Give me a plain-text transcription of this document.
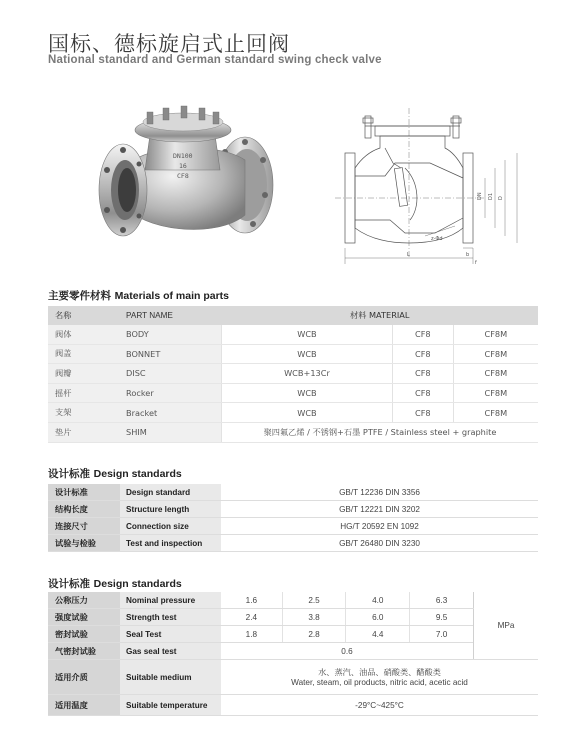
国标、德标旋启式止回阀
National standard and German standard swing check valve
DN100
16
CF8
DN D1 D
z-Φd
L	b
f
主要零件材料 Materials of main parts
名称	PART NAME	材料 MATERIAL		
阀体	BODY	WCB	CF8	CF8M
阀盖	BONNET	WCB	CF8	CF8M
阀瓣	DISC	WCB+13Cr	CF8	CF8M
摇杆	Rocker	WCB	CF8	CF8M
支架	Bracket	WCB	CF8	CF8M
垫片	SHIM	聚四氟乙烯 / 不锈钢+石墨 PTFE / Stainless steel + graphite		
设计标准 Design standards
设计标准	Design standard	GB/T 12236 DIN 3356
结构长度	Structure length	GB/T 12221 DIN 3202
连接尺寸	Connection size	HG/T 20592 EN 1092
试验与检验	Test and inspection	GB/T 26480 DIN 3230
设计标准 Design standards
公称压力	Nominal pressure	1.6	2.5	4.0	6.3	MPa
强度试验	Strength test	2.4	3.8	6.0	9.5	
密封试验	Seal Test	1.8	2.8	4.4	7.0	
气密封试验	Gas seal test	0.6				
适用介质	Suitable medium	水、蒸汽、油品、硝酸类、醋酸类
Water, steam, oil products, nitric acid, acetic acid				

适用温度	Suitable temperature	-29°C~425°C				
